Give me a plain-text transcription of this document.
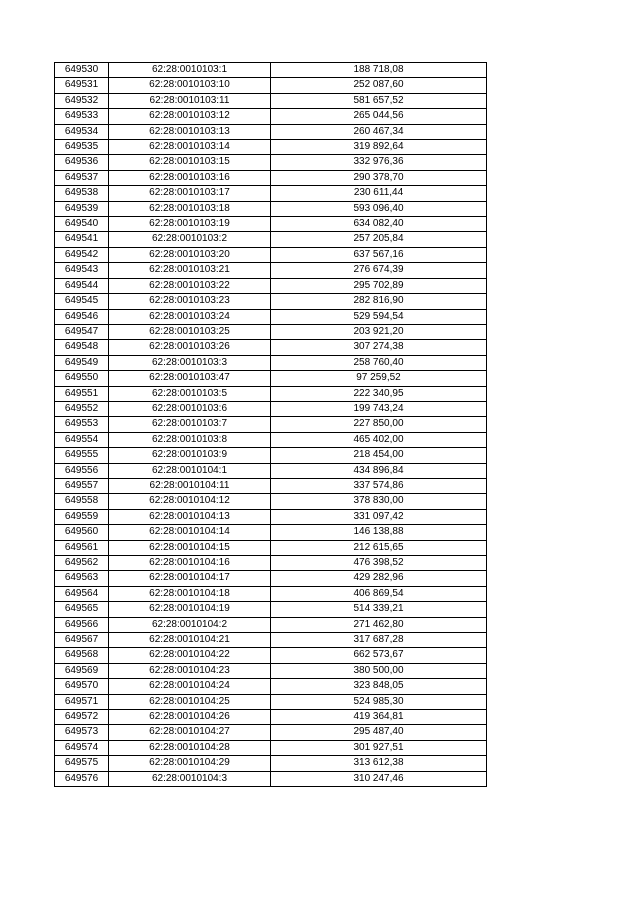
649530	62:28:0010103:1	188 718,08
649531	62:28:0010103:10	252 087,60
649532	62:28:0010103:11	581 657,52
649533	62:28:0010103:12	265 044,56
649534	62:28:0010103:13	260 467,34
649535	62:28:0010103:14	319 892,64
649536	62:28:0010103:15	332 976,36
649537	62:28:0010103:16	290 378,70
649538	62:28:0010103:17	230 611,44
649539	62:28:0010103:18	593 096,40
649540	62:28:0010103:19	634 082,40
649541	62:28:0010103:2	257 205,84
649542	62:28:0010103:20	637 567,16
649543	62:28:0010103:21	276 674,39
649544	62:28:0010103:22	295 702,89
649545	62:28:0010103:23	282 816,90
649546	62:28:0010103:24	529 594,54
649547	62:28:0010103:25	203 921,20
649548	62:28:0010103:26	307 274,38
649549	62:28:0010103:3	258 760,40
649550	62:28:0010103:47	97 259,52
649551	62:28:0010103:5	222 340,95
649552	62:28:0010103:6	199 743,24
649553	62:28:0010103:7	227 850,00
649554	62:28:0010103:8	465 402,00
649555	62:28:0010103:9	218 454,00
649556	62:28:0010104:1	434 896,84
649557	62:28:0010104:11	337 574,86
649558	62:28:0010104:12	378 830,00
649559	62:28:0010104:13	331 097,42
649560	62:28:0010104:14	146 138,88
649561	62:28:0010104:15	212 615,65
649562	62:28:0010104:16	476 398,52
649563	62:28:0010104:17	429 282,96
649564	62:28:0010104:18	406 869,54
649565	62:28:0010104:19	514 339,21
649566	62:28:0010104:2	271 462,80
649567	62:28:0010104:21	317 687,28
649568	62:28:0010104:22	662 573,67
649569	62:28:0010104:23	380 500,00
649570	62:28:0010104:24	323 848,05
649571	62:28:0010104:25	524 985,30
649572	62:28:0010104:26	419 364,81
649573	62:28:0010104:27	295 487,40
649574	62:28:0010104:28	301 927,51
649575	62:28:0010104:29	313 612,38
649576	62:28:0010104:3	310 247,46
